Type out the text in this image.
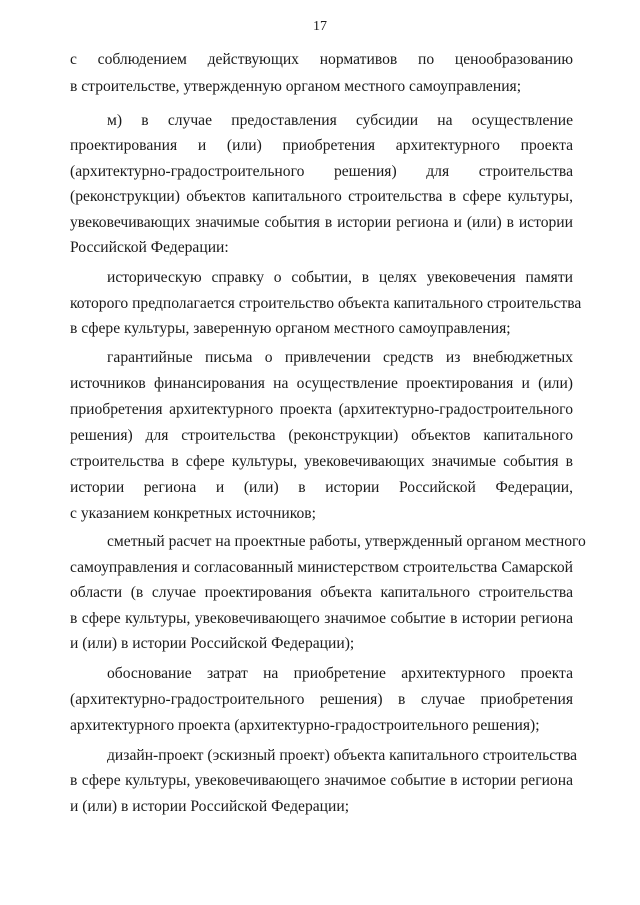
17
с соблюдением действующих нормативов по ценообразованию
в строительстве, утвержденную органом местного самоуправления;
м) в случае предоставления субсидии на осуществление
проектирования и (или) приобретения архитектурного проекта
(архитектурно-градостроительного решения) для строительства
(реконструкции) объектов капитального строительства в сфере культуры,
увековечивающих значимые события в истории региона и (или) в истории
Российской Федерации:
историческую справку о событии, в целях увековечения памяти
которого предполагается строительство объекта капитального строительства
в сфере культуры, заверенную органом местного самоуправления;
гарантийные письма о привлечении средств из внебюджетных
источников финансирования на осуществление проектирования и (или)
приобретения архитектурного проекта (архитектурно-градостроительного
решения) для строительства (реконструкции) объектов капитального
строительства в сфере культуры, увековечивающих значимые события в
истории региона и (или) в истории Российской Федерации,
с указанием конкретных источников;
сметный расчет на проектные работы, утвержденный органом местного
самоуправления и согласованный министерством строительства Самарской
области (в случае проектирования объекта капитального строительства
в сфере культуры, увековечивающего значимое событие в истории региона
и (или) в истории Российской Федерации);
обоснование затрат на приобретение архитектурного проекта
(архитектурно-градостроительного решения) в случае приобретения
архитектурного проекта (архитектурно-градостроительного решения);
дизайн-проект (эскизный проект) объекта капитального строительства
в сфере культуры, увековечивающего значимое событие в истории региона
и (или) в истории Российской Федерации;
